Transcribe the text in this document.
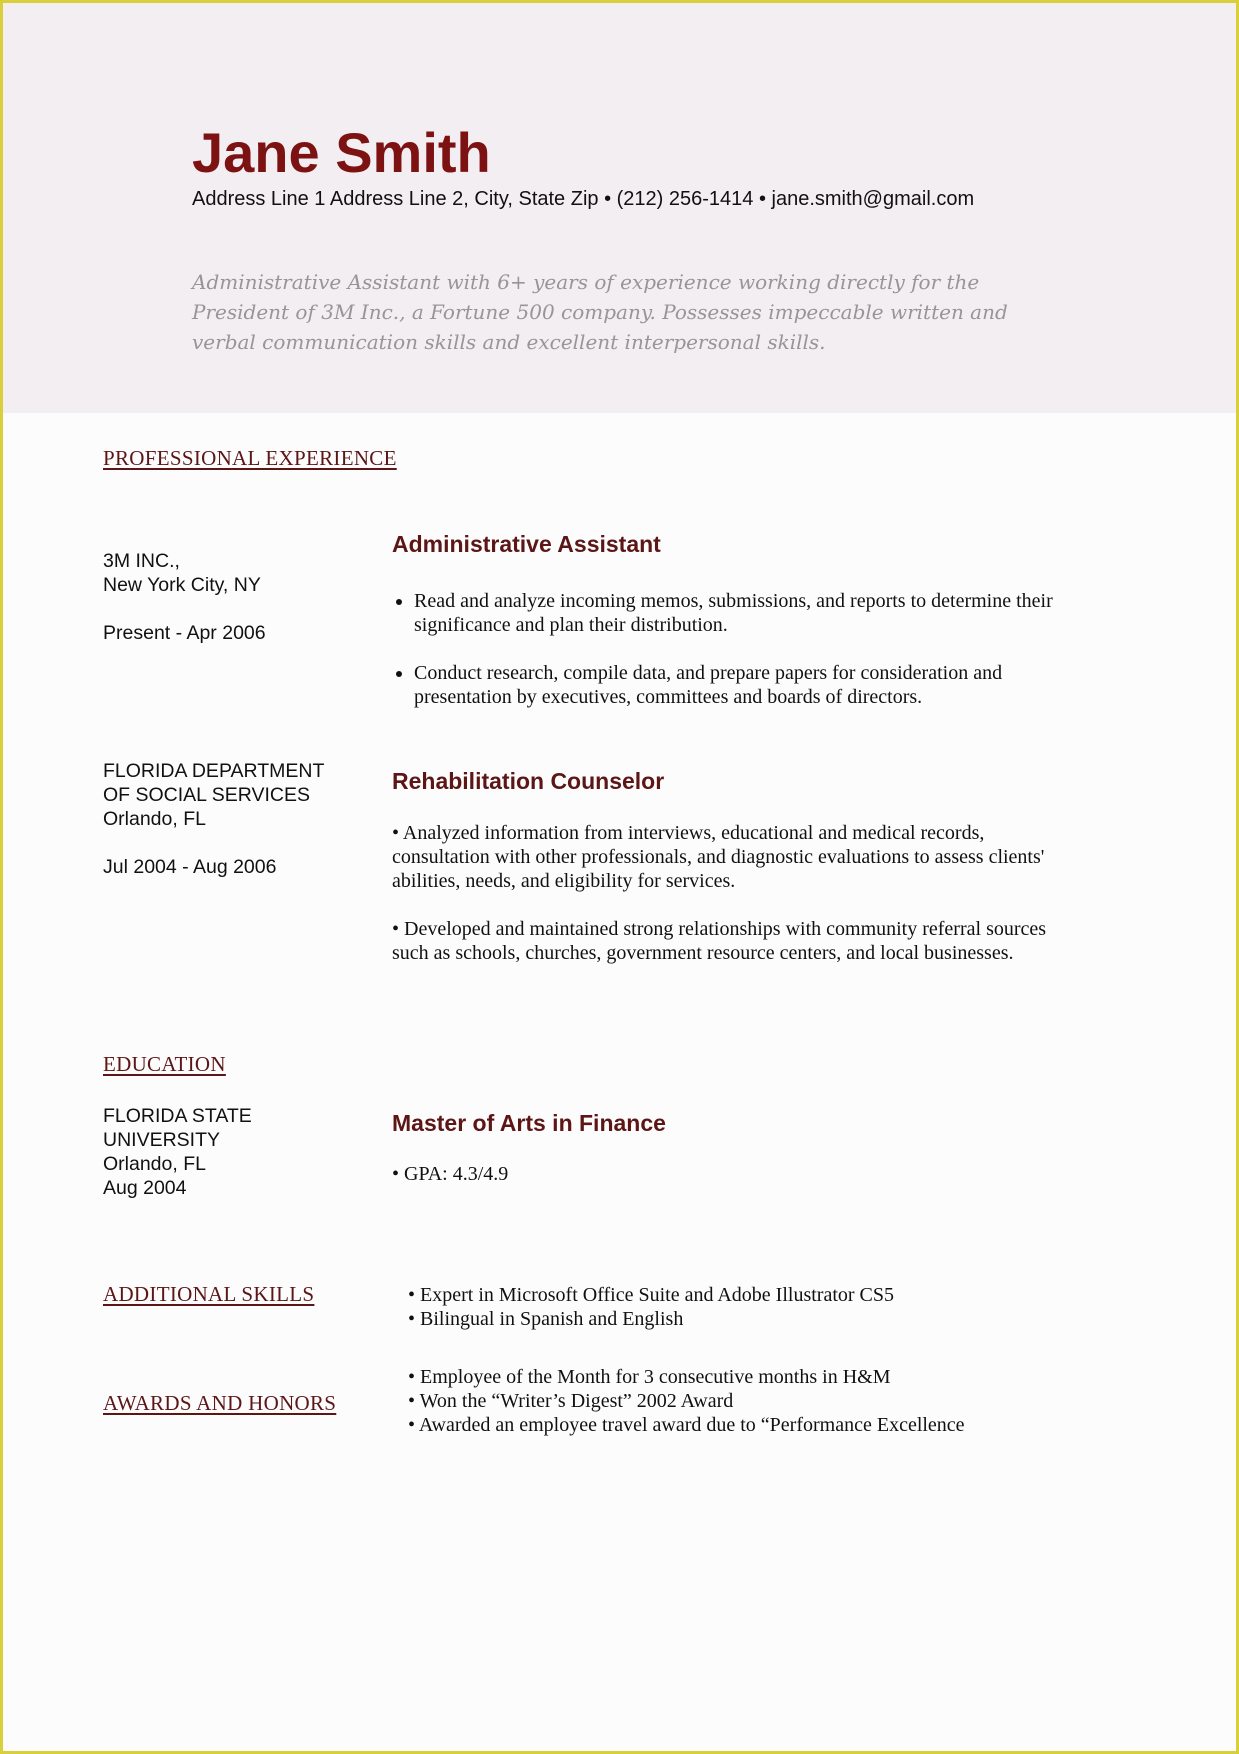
Jane Smith
Address Line 1 Address Line 2, City, State Zip • (212) 256-1414 • jane.smith@gmail.com
Administrative Assistant with 6+ years of experience working directly for the President of 3M Inc., a Fortune 500 company. Possesses impeccable written and verbal communication skills and excellent interpersonal skills.
PROFESSIONAL EXPERIENCE
3M INC.,
New York City, NY
Present - Apr 2006
Administrative Assistant
• Read and analyze incoming memos, submissions, and reports to determine their significance and plan their distribution.
• Conduct research, compile data, and prepare papers for consideration and presentation by executives, committees and boards of directors.
FLORIDA DEPARTMENT
OF SOCIAL SERVICES
Orlando, FL
Jul 2004 - Aug 2006
Rehabilitation Counselor

• Analyzed information from interviews, educational and medical records, consultation with other professionals, and diagnostic evaluations to assess clients' abilities, needs, and eligibility for services.

• Developed and maintained strong relationships with community referral sources such as schools, churches, government resource centers, and local businesses.

EDUCATION
FLORIDA STATE
UNIVERSITY
Orlando, FL
Aug 2004
Master of Arts in Finance
• GPA: 4.3/4.9
ADDITIONAL SKILLS	• Expert in Microsoft Office Suite and Adobe Illustrator CS5
• Bilingual in Spanish and English
AWARDS AND HONORS
• Employee of the Month for 3 consecutive months in H&M
• Won the “Writer’s Digest” 2002 Award
• Awarded an employee travel award due to “Performance Excellence
